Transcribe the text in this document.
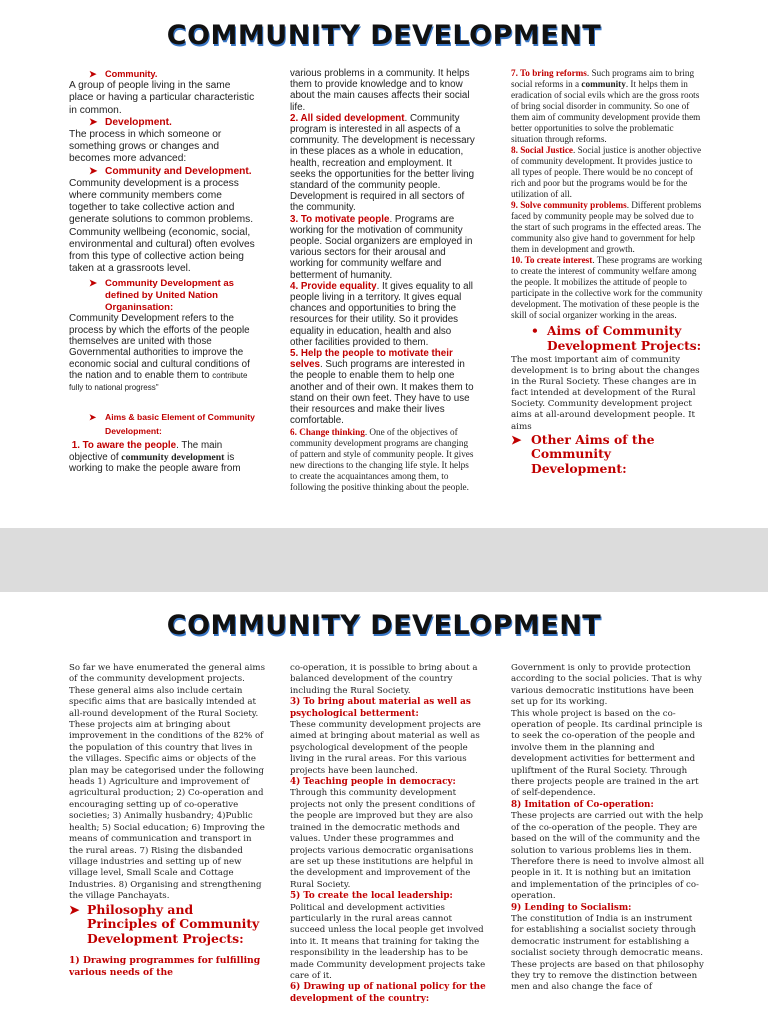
COMMUNITY DEVELOPMENT
➤ Community.

A group of people living in the same place or having a particular characteristic in common.

➤ Development.

The process in which someone or something grows or changes and becomes more advanced:

➤ Community and Development.

Community development is a process where community members come together to take collective action and generate solutions to common problems. Community wellbeing (economic, social, environmental and cultural) often evolves from this type of collective action being taken at a grassroots level.

➤ Community Development as defined by United Nation Organinsation:

Community Development refers to the process by which the efforts of the people themselves are united with those Governmental authorities to improve the economic social and cultural conditions of the nation and to enable them to contribute fully to national progress"

➤ Aims & basic Element of Community Development:

1. To aware the people. The main objective of community development is working to make the people aware from

various problems in a community. It helps them to provide knowledge and to know about the main causes affects their social life.

2. All sided development. Community program is interested in all aspects of a community. The development is necessary in these places as a whole in education, health, recreation and employment. It seeks the opportunities for the better living standard of the community people. Development is required in all sectors of the community.

3. To motivate people. Programs are working for the motivation of community people. Social organizers are employed in various sectors for their arousal and working for community welfare and betterment of humanity.

4. Provide equality. It gives equality to all people living in a territory. It gives equal chances and opportunities to bring the resources for their utility. So it provides equality in education, health and also other facilities provided to them.

5. Help the people to motivate their selves. Such programs are interested in the people to enable them to help one another and of their own. It makes them to stand on their own feet. They have to use their resources and make their lives comfortable.

6. Change thinking. One of the objectives of community development programs are changing of pattern and style of community people. It gives new directions to the changing life style. It helps to create the acquaintances among them, to following the positive thinking about the people.

7. To bring reforms. Such programs aim to bring social reforms in a community. It helps them in eradication of social evils which are the gross roots of bring social disorder in community. So one of them aim of community development provide them better opportunities to solve the problematic situation through reforms.

8. Social Justice. Social justice is another objective of community development. It provides justice to all types of people. There would be no concept of rich and poor but the programs would be for the utilization of all.

9. Solve community problems. Different problems faced by community people may be solved due to the start of such programs in the effected areas. The community also give hand to government for help them in development and growth.

10. To create interest. These programs are working to create the interest of community welfare among the people. It mobilizes the attitude of people to participate in the collective work for the community development. The motivation of these people is the skill of social organizer working in the areas.

• Aims of Community Development Projects:

The most important aim of community development is to bring about the changes in the Rural Society. These changes are in fact intended at development of the Rural Society. Community development project aims at all-around development people. It aims

➤ Other Aims of the Community Development:
COMMUNITY DEVELOPMENT

So far we have enumerated the general aims of the community development projects. These general aims also include certain specific aims that are basically intended at all-round development of the Rural Society. These projects aim at bringing about improvement in the conditions of the 82% of the population of this country that lives in the villages. Specific aims or objects of the plan may be categorised under the following heads 1) Agriculture and improvement of agricultural production; 2) Co-operation and encouraging setting up of co-operative societies; 3) Animally husbandry; 4)Public health; 5) Social education; 6) Improving the means of communication and transport in the rural areas. 7) Rising the disbanded village industries and setting up of new village level, Small Scale and Cottage Industries. 8) Organising and strengthening the village Panchayats.

➤ Philosophy and Principles of Community Development Projects:

1) Drawing programmes for fulfilling various needs of the

co-operation, it is possible to bring about a balanced development of the country including the Rural Society.

3) To bring about material as well as psychological betterment:

These community development projects are aimed at bringing about material as well as psychological development of the people living in the rural areas. For this various projects have been launched.

4) Teaching people in democracy:

Through this community development projects not only the present conditions of the people are improved but they are also trained in the democratic methods and values. Under these programmes and projects various democratic organisations are set up these institutions are helpful in the development and improvement of the Rural Society.

5) To create the local leadership:

Political and development activities particularly in the rural areas cannot succeed unless the local people get involved into it. It means that training for taking the responsibility in the leadership has to be made Community development projects take care of it.

6) Drawing up of national policy for the development of the country:

Government is only to provide protection according to the social policies. That is why various democratic institutions have been set up for its working.

This whole project is based on the co-operation of people. Its cardinal principle is to seek the co-operation of the people and involve them in the planning and development activities for betterment and upliftment of the Rural Society. Through there projects people are trained in the art of self-dependence.

8) Imitation of Co-operation:

These projects are carried out with the help of the co-operation of the people. They are based on the will of the community and the solution to various problems lies in them. Therefore there is need to involve almost all people in it. It is nothing but an imitation and implementation of the principles of co-operation.

9) Lending to Socialism:

The constitution of India is an instrument for establishing a socialist society through democratic instrument for establishing a socialist society through democratic means. These projects are based on that philosophy they try to remove the distinction between men and also change the face of
